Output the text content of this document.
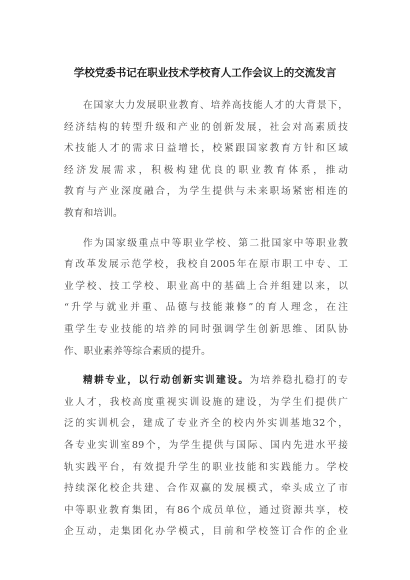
学校党委书记在职业技术学校育人工作会议上的交流发言
在国家大力发展职业教育、培养高技能人才的大背景下，
经济结构的转型升级和产业的创新发展，社会对高素质技
术技能人才的需求日益增长，校紧跟国家教育方针和区域
经济发展需求，积极构建优良的职业教育体系，推动
教育与产业深度融合，为学生提供与未来职场紧密相连的
教育和培训。
作为国家级重点中等职业学校、第二批国家中等职业教
育改革发展示范学校，我校自2005年在原市职工中专、工
业学校、技工学校、职业高中的基础上合并组建以来，以
“升学与就业并重、品德与技能兼修”的育人理念，在注
重学生专业技能的培养的同时强调学生创新思维、团队协
作、职业素养等综合素质的提升。
精耕专业，以行动创新实训建设。为培养稳扎稳打的专
业人才，我校高度重视实训设施的建设，为学生们提供广
泛的实训机会，建成了专业齐全的校内外实训基地32个，
各专业实训室89个，为学生提供与国际、国内先进水平接
轨实践平台，有效提升学生的职业技能和实践能力。学校
持续深化校企共建、合作双赢的发展模式，牵头成立了市
中等职业教育集团，有86个成员单位，通过资源共享，校
企互动，走集团化办学模式，目前和学校签订合作的企业
